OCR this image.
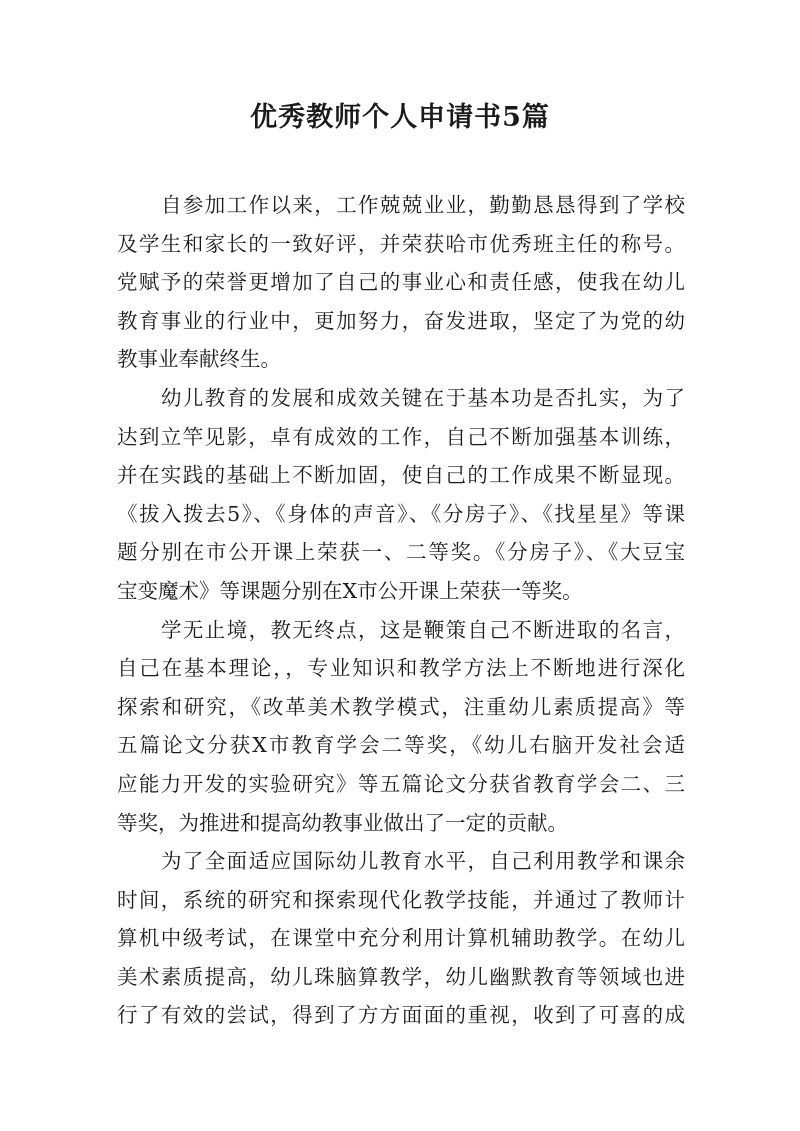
优秀教师个人申请书5篇
自参加工作以来，工作兢兢业业，勤勤恳恳得到了学校
及学生和家长的一致好评，并荣获哈市优秀班主任的称号。
党赋予的荣誉更增加了自己的事业心和责任感，使我在幼儿
教育事业的行业中，更加努力，奋发进取，坚定了为党的幼
教事业奉献终生。
幼儿教育的发展和成效关键在于基本功是否扎实，为了
达到立竿见影，卓有成效的工作，自己不断加强基本训练，
并在实践的基础上不断加固，使自己的工作成果不断显现。
《拔入拨去5》、《身体的声音》、《分房子》、《找星星》等课
题分别在市公开课上荣获一、二等奖。《分房子》、《大豆宝
宝变魔术》等课题分别在X市公开课上荣获一等奖。
学无止境，教无终点，这是鞭策自己不断进取的名言，
自己在基本理论，，专业知识和教学方法上不断地进行深化
探索和研究，《改革美术教学模式，注重幼儿素质提高》等
五篇论文分获X市教育学会二等奖，《幼儿右脑开发社会适
应能力开发的实验研究》等五篇论文分获省教育学会二、三
等奖，为推进和提高幼教事业做出了一定的贡献。
为了全面适应国际幼儿教育水平，自己利用教学和课余
时间，系统的研究和探索现代化教学技能，并通过了教师计
算机中级考试，在课堂中充分利用计算机辅助教学。在幼儿
美术素质提高，幼儿珠脑算教学，幼儿幽默教育等领域也进
行了有效的尝试，得到了方方面面的重视，收到了可喜的成
